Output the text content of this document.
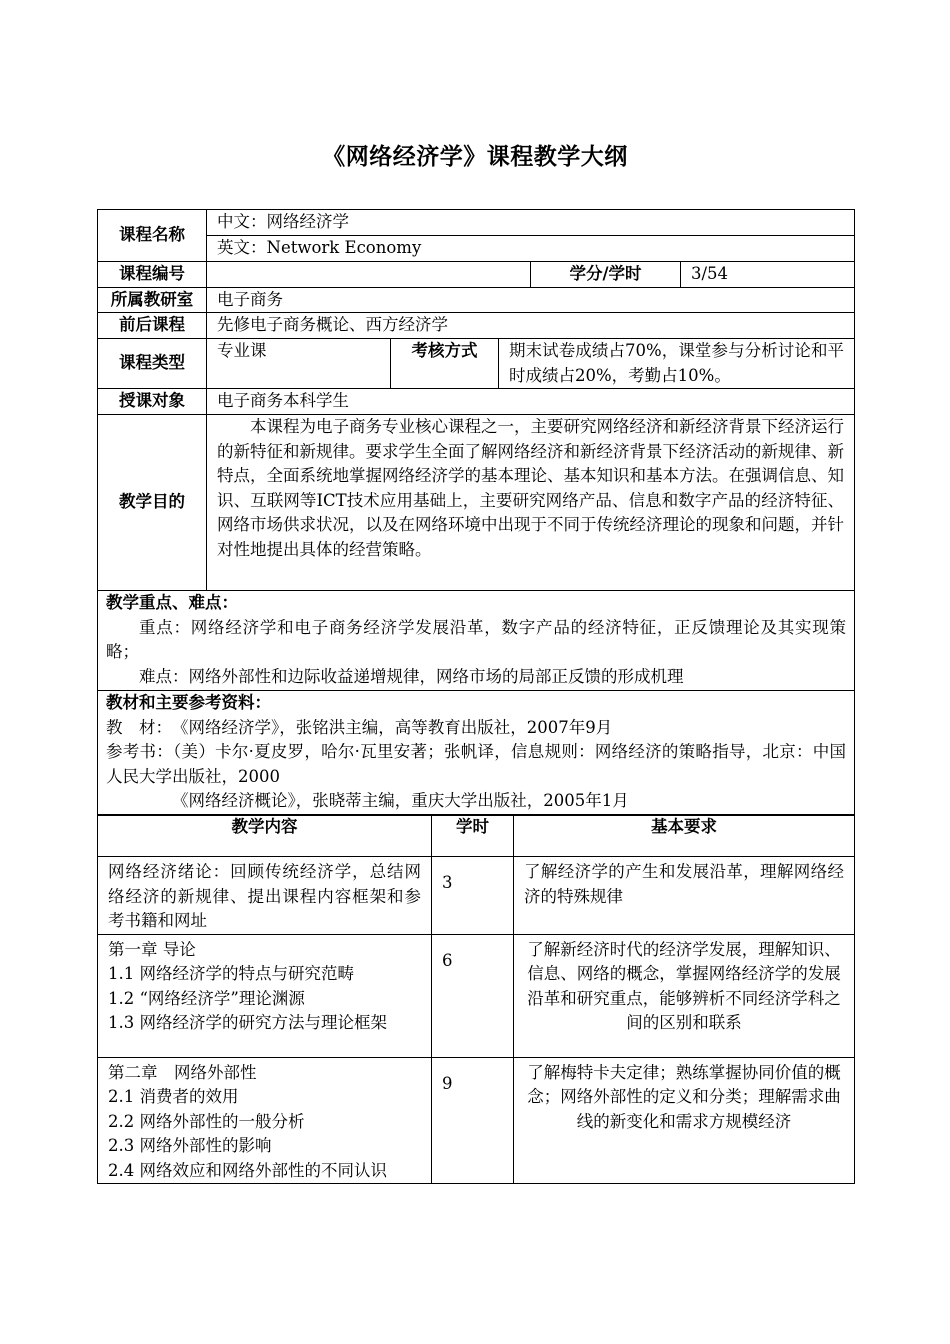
《网络经济学》课程教学大纲
课程名称	中文：网络经济学				
	英文：Network Economy				
课程编号				学分/学时	3/54
所属教研室	电子商务				
前后课程	先修电子商务概论、西方经济学				
课程类型	专业课	考核方式	期末试卷成绩占70%，课堂参与分析讨论和平时成绩占20%，考勤占10%。		
授课对象	电子商务本科学生				
教学目的	本课程为电子商务专业核心课程之一，主要研究网络经济和新经济背景下经济运行的新特征和新规律。要求学生全面了解网络经济和新经济背景下经济活动的新规律、新特点，全面系统地掌握网络经济学的基本理论、基本知识和基本方法。在强调信息、知识、互联网等ICT技术应用基础上，主要研究网络产品、信息和数字产品的经济特征、网络市场供求状况，以及在网络环境中出现于不同于传统经济理论的现象和问题，并针对性地提出具体的经营策略。				

教学重点、难点：

重点：网络经济学和电子商务经济学发展沿革，数字产品的经济特征，正反馈理论及其实现策略；

难点：网络外部性和边际收益递增规律，网络市场的局部正反馈的形成机理					

教材和主要参考资料：

教　材：　《网络经济学》，张铭洪主编，高等教育出版社，2007年9月

参考书：（美）卡尔·夏皮罗，哈尔·瓦里安著；张帆译，信息规则：网络经济的策略指导，北京：中国人民大学出版社，2000

《网络经济概论》，张晓蒂主编，重庆大学出版社，2005年1月					

教学内容	学时	基本要求

网络经济绪论：回顾传统经济学，总结网络经济的新规律、提出课程内容框架和参考书籍和网址	3	了解经济学的产生和发展沿革，理解网络经济的特殊规律

第一章 导论

1.1 网络经济学的特点与研究范畴

1.2 “网络经济学”理论渊源

1.3 网络经济学的研究方法与理论框架	6	了解新经济时代的经济学发展，理解知识、信息、网络的概念，掌握网络经济学的发展沿革和研究重点，能够辨析不同经济学科之间的区别和联系

第二章　网络外部性

2.1 消费者的效用

2.2 网络外部性的一般分析

2.3 网络外部性的影响

2.4 网络效应和网络外部性的不同认识	9	了解梅特卡夫定律；熟练掌握协同价值的概念；网络外部性的定义和分类；理解需求曲线的新变化和需求方规模经济
